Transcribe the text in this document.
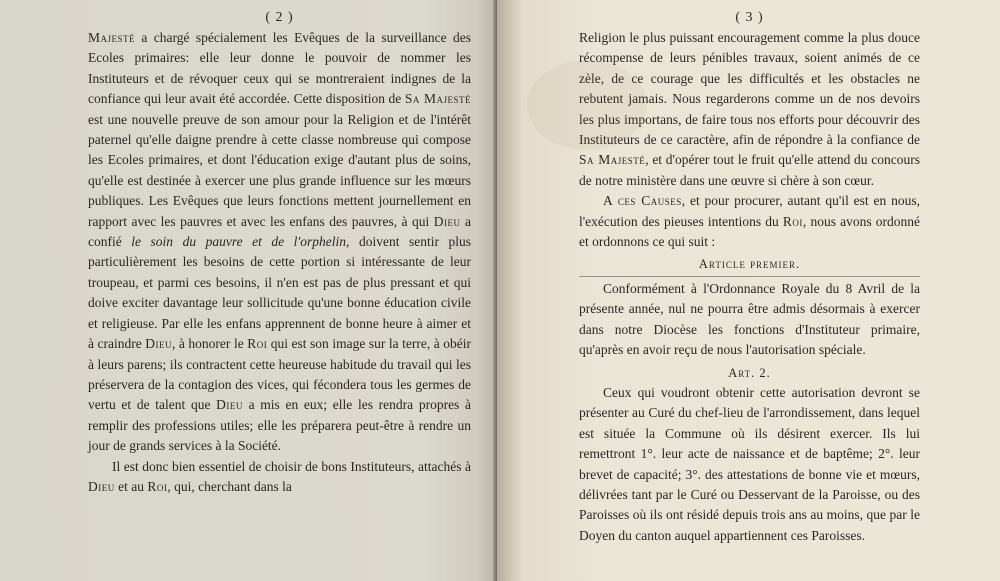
( 2 )

Majesté a chargé spécialement les Evêques de la surveillance des Ecoles primaires: elle leur donne le pouvoir de nommer les Instituteurs et de révoquer ceux qui se montreraient indignes de la confiance qui leur avait été accordée. Cette disposition de Sa Majesté est une nouvelle preuve de son amour pour la Religion et de l'intérêt paternel qu'elle daigne prendre à cette classe nombreuse qui compose les Ecoles primaires, et dont l'éducation exige d'autant plus de soins, qu'elle est destinée à exercer une plus grande influence sur les mœurs publiques. Les Evêques que leurs fonctions mettent journellement en rapport avec les pauvres et avec les enfans des pauvres, à qui Dieu a confié le soin du pauvre et de l'orphelin, doivent sentir plus particulièrement les besoins de cette portion si intéressante de leur troupeau, et parmi ces besoins, il n'en est pas de plus pressant et qui doive exciter davantage leur sollicitude qu'une bonne éducation civile et religieuse. Par elle les enfans apprennent de bonne heure à aimer et à craindre Dieu, à honorer le Roi qui est son image sur la terre, à obéir à leurs parens; ils contractent cette heureuse habitude du travail qui les préservera de la contagion des vices, qui fécondera tous les germes de vertu et de talent que Dieu a mis en eux; elle les rendra propres à remplir des professions utiles; elle les préparera peut-être à rendre un jour de grands services à la Société.

Il est donc bien essentiel de choisir de bons Instituteurs, attachés à Dieu et au Roi, qui, cherchant dans la

( 3 )

Religion le plus puissant encouragement comme la plus douce récompense de leurs pénibles travaux, soient animés de ce zèle, de ce courage que les difficultés et les obstacles ne rebutent jamais. Nous regarderons comme un de nos devoirs les plus importans, de faire tous nos efforts pour découvrir des Instituteurs de ce caractère, afin de répondre à la confiance de Sa Majesté, et d'opérer tout le fruit qu'elle attend du concours de notre ministère dans une œuvre si chère à son cœur.

A ces Causes, et pour procurer, autant qu'il est en nous, l'exécution des pieuses intentions du Roi, nous avons ordonné et ordonnons ce qui suit :

Article premier.

Conformément à l'Ordonnance Royale du 8 Avril de la présente année, nul ne pourra être admis désormais à exercer dans notre Diocèse les fonctions d'Instituteur primaire, qu'après en avoir reçu de nous l'autorisation spéciale.

Art. 2.

Ceux qui voudront obtenir cette autorisation devront se présenter au Curé du chef-lieu de l'arrondissement, dans lequel est située la Commune où ils désirent exercer. Ils lui remettront 1°. leur acte de naissance et de baptême; 2°. leur brevet de capacité; 3°. des attestations de bonne vie et mœurs, délivrées tant par le Curé ou Desservant de la Paroisse, ou des Paroisses où ils ont résidé depuis trois ans au moins, que par le Doyen du canton auquel appartiennent ces Paroisses.
